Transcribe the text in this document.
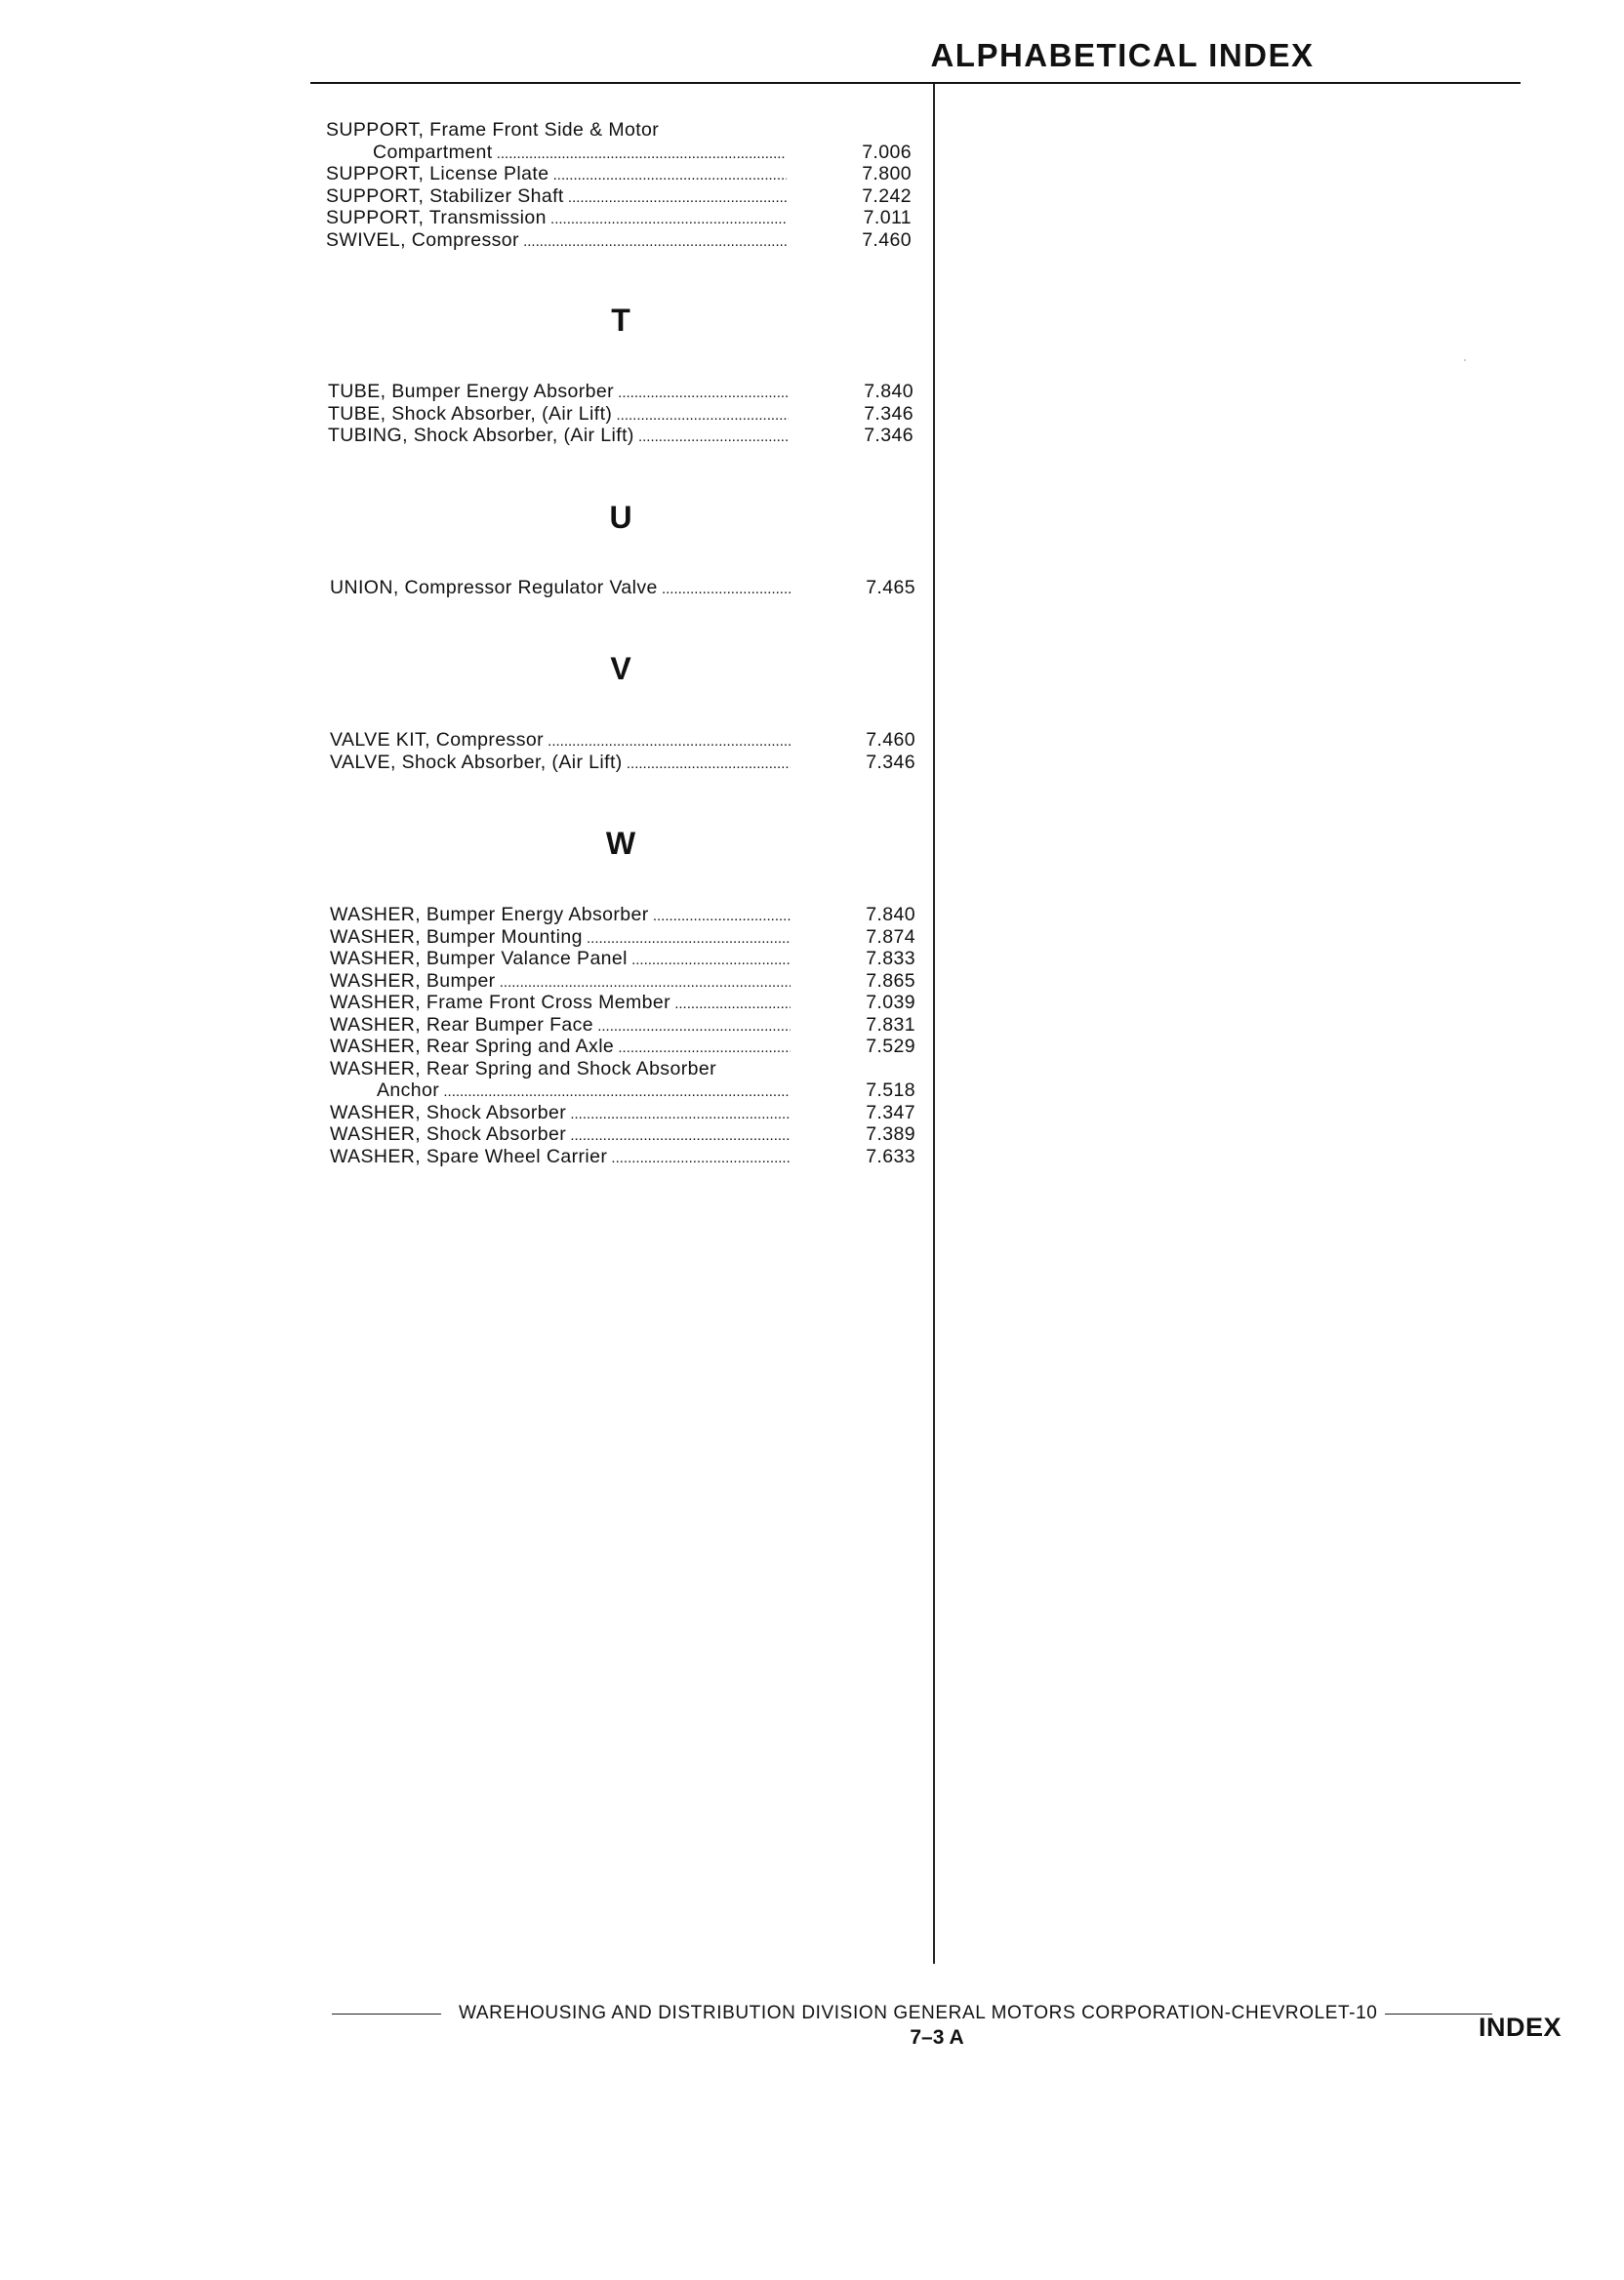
ALPHABETICAL INDEX
SUPPORT, Frame Front Side & Motor
Compartment .....	7.006
SUPPORT, License Plate .....	7.800
SUPPORT, Stabilizer Shaft .....	7.242
SUPPORT, Transmission .....	7.011
SWIVEL, Compressor .....	7.460
T
TUBE, Bumper Energy Absorber .....	7.840
TUBE, Shock Absorber, (Air Lift) .....	7.346
TUBING, Shock Absorber, (Air Lift) .....	7.346
U
UNION, Compressor Regulator Valve .....	7.465
V
VALVE KIT, Compressor .....	7.460
VALVE, Shock Absorber, (Air Lift) .....	7.346
W
WASHER, Bumper Energy Absorber .....	7.840
WASHER, Bumper Mounting .....	7.874
WASHER, Bumper Valance Panel .....	7.833
WASHER, Bumper .....	7.865
WASHER, Frame Front Cross Member .....	7.039
WASHER, Rear Bumper Face .....	7.831
WASHER, Rear Spring and Axle .....	7.529
WASHER, Rear Spring and Shock Absorber
Anchor .....	7.518
WASHER, Shock Absorber .....	7.347
WASHER, Shock Absorber .....	7.389
WASHER, Spare Wheel Carrier .....	7.633
WAREHOUSING AND DISTRIBUTION DIVISION GENERAL MOTORS CORPORATION-CHEVROLET-10
7–3 A	INDEX
